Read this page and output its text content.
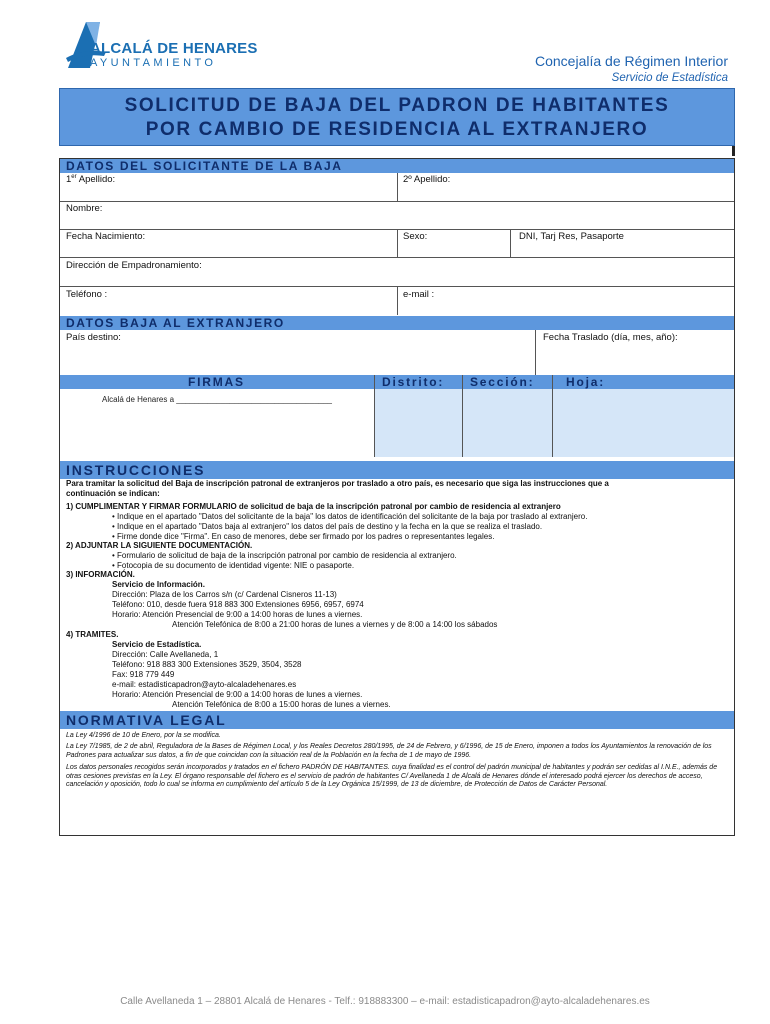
ALCALÁ DE HENARES
AYUNTAMIENTO	Concejalía de Régimen Interior
Servicio de Estadística
SOLICITUD DE BAJA DEL PADRON DE HABITANTES
POR CAMBIO DE RESIDENCIA AL EXTRANJERO
DATOS DEL SOLICITANTE DE LA BAJA
1er Apellido:	2º Apellido:
Nombre:
Fecha Nacimiento:	Sexo:	DNI, Tarj Res, Pasaporte
Dirección de Empadronamiento:
Teléfono :	e-mail :
DATOS BAJA AL EXTRANJERO
País destino:	Fecha Traslado (día, mes, año):
FIRMAS	Distrito: Sección:	Hoja:
Alcalá de Henares a ___________________________________
INSTRUCCIONES
Para tramitar la solicitud del Baja de inscripción patronal de extranjeros por traslado a otro país, es necesario que siga las instrucciones que a
continuación se indican:
1) CUMPLIMENTAR Y FIRMAR FORMULARIO de solicitud de baja de la inscripción patronal por cambio de residencia al extranjero
• Indique en el apartado "Datos del solicitante de la baja" los datos de identificación del solicitante de la baja por traslado al extranjero.
• Indique en el apartado "Datos baja al extranjero" los datos del país de destino y la fecha en la que se realiza el traslado.
• Firme donde dice "Firma". En caso de menores, debe ser firmado por los padres o representantes legales.
2) ADJUNTAR LA SIGUIENTE DOCUMENTACIÓN.
• Formulario de solicitud de baja de la inscripción patronal por cambio de residencia al extranjero.
• Fotocopia de su documento de identidad vigente: NIE o pasaporte.
3) INFORMACIÓN.
Servicio de Información.
Dirección: Plaza de los Carros s/n (c/ Cardenal Cisneros 11-13)
Teléfono: 010, desde fuera 918 883 300 Extensiones 6956, 6957, 6974
Horario: Atención Presencial de 9:00 a 14:00 horas de lunes a viernes.
Atención Telefónica de 8:00 a 21:00 horas de lunes a viernes y de 8:00 a 14:00 los sábados
4) TRAMITES.
Servicio de Estadística.
Dirección: Calle Avellaneda, 1
Teléfono: 918 883 300 Extensiones 3529, 3504, 3528
Fax: 918 779 449
e-mail: estadisticapadron@ayto-alcaladehenares.es
Horario: Atención Presencial de 9:00 a 14:00 horas de lunes a viernes.
Atención Telefónica de 8:00 a 15:00 horas de lunes a viernes.
NORMATIVA LEGAL
La Ley 4/1996 de 10 de Enero, por la se modifica.
La Ley 7/1985, de 2 de abril, Reguladora de la Bases de Régimen Local, y los Reales Decretos 280/1995, de 24 de Febrero, y 6/1996, de 15 de Enero, imponen a todos los Ayuntamientos la renovación de los Padrones para actualizar sus datos, a fin de que coincidan con la situación real de la Población en la fecha de 1 de mayo de 1996.
Los datos personales recogidos serán incorporados y tratados en el fichero PADRÓN DE HABITANTES. cuya finalidad es el control del padrón municipal de habitantes y podrán ser cedidas al I.N.E., además de otras cesiones previstas en la Ley. El órgano responsable del fichero es el servicio de padrón de habitantes C/ Avellaneda 1 de Alcalá de Henares dónde el interesado podrá ejercer los derechos de acceso, cancelación y oposición, todo lo cual se informa en cumplimiento del artículo 5 de la Ley Orgánica 15/1999, de 13 de diciembre, de Protección de Datos de Carácter Personal.
Calle Avellaneda 1 – 28801 Alcalá de Henares - Telf.: 918883300 – e-mail: estadisticapadron@ayto-alcaladehenares.es
